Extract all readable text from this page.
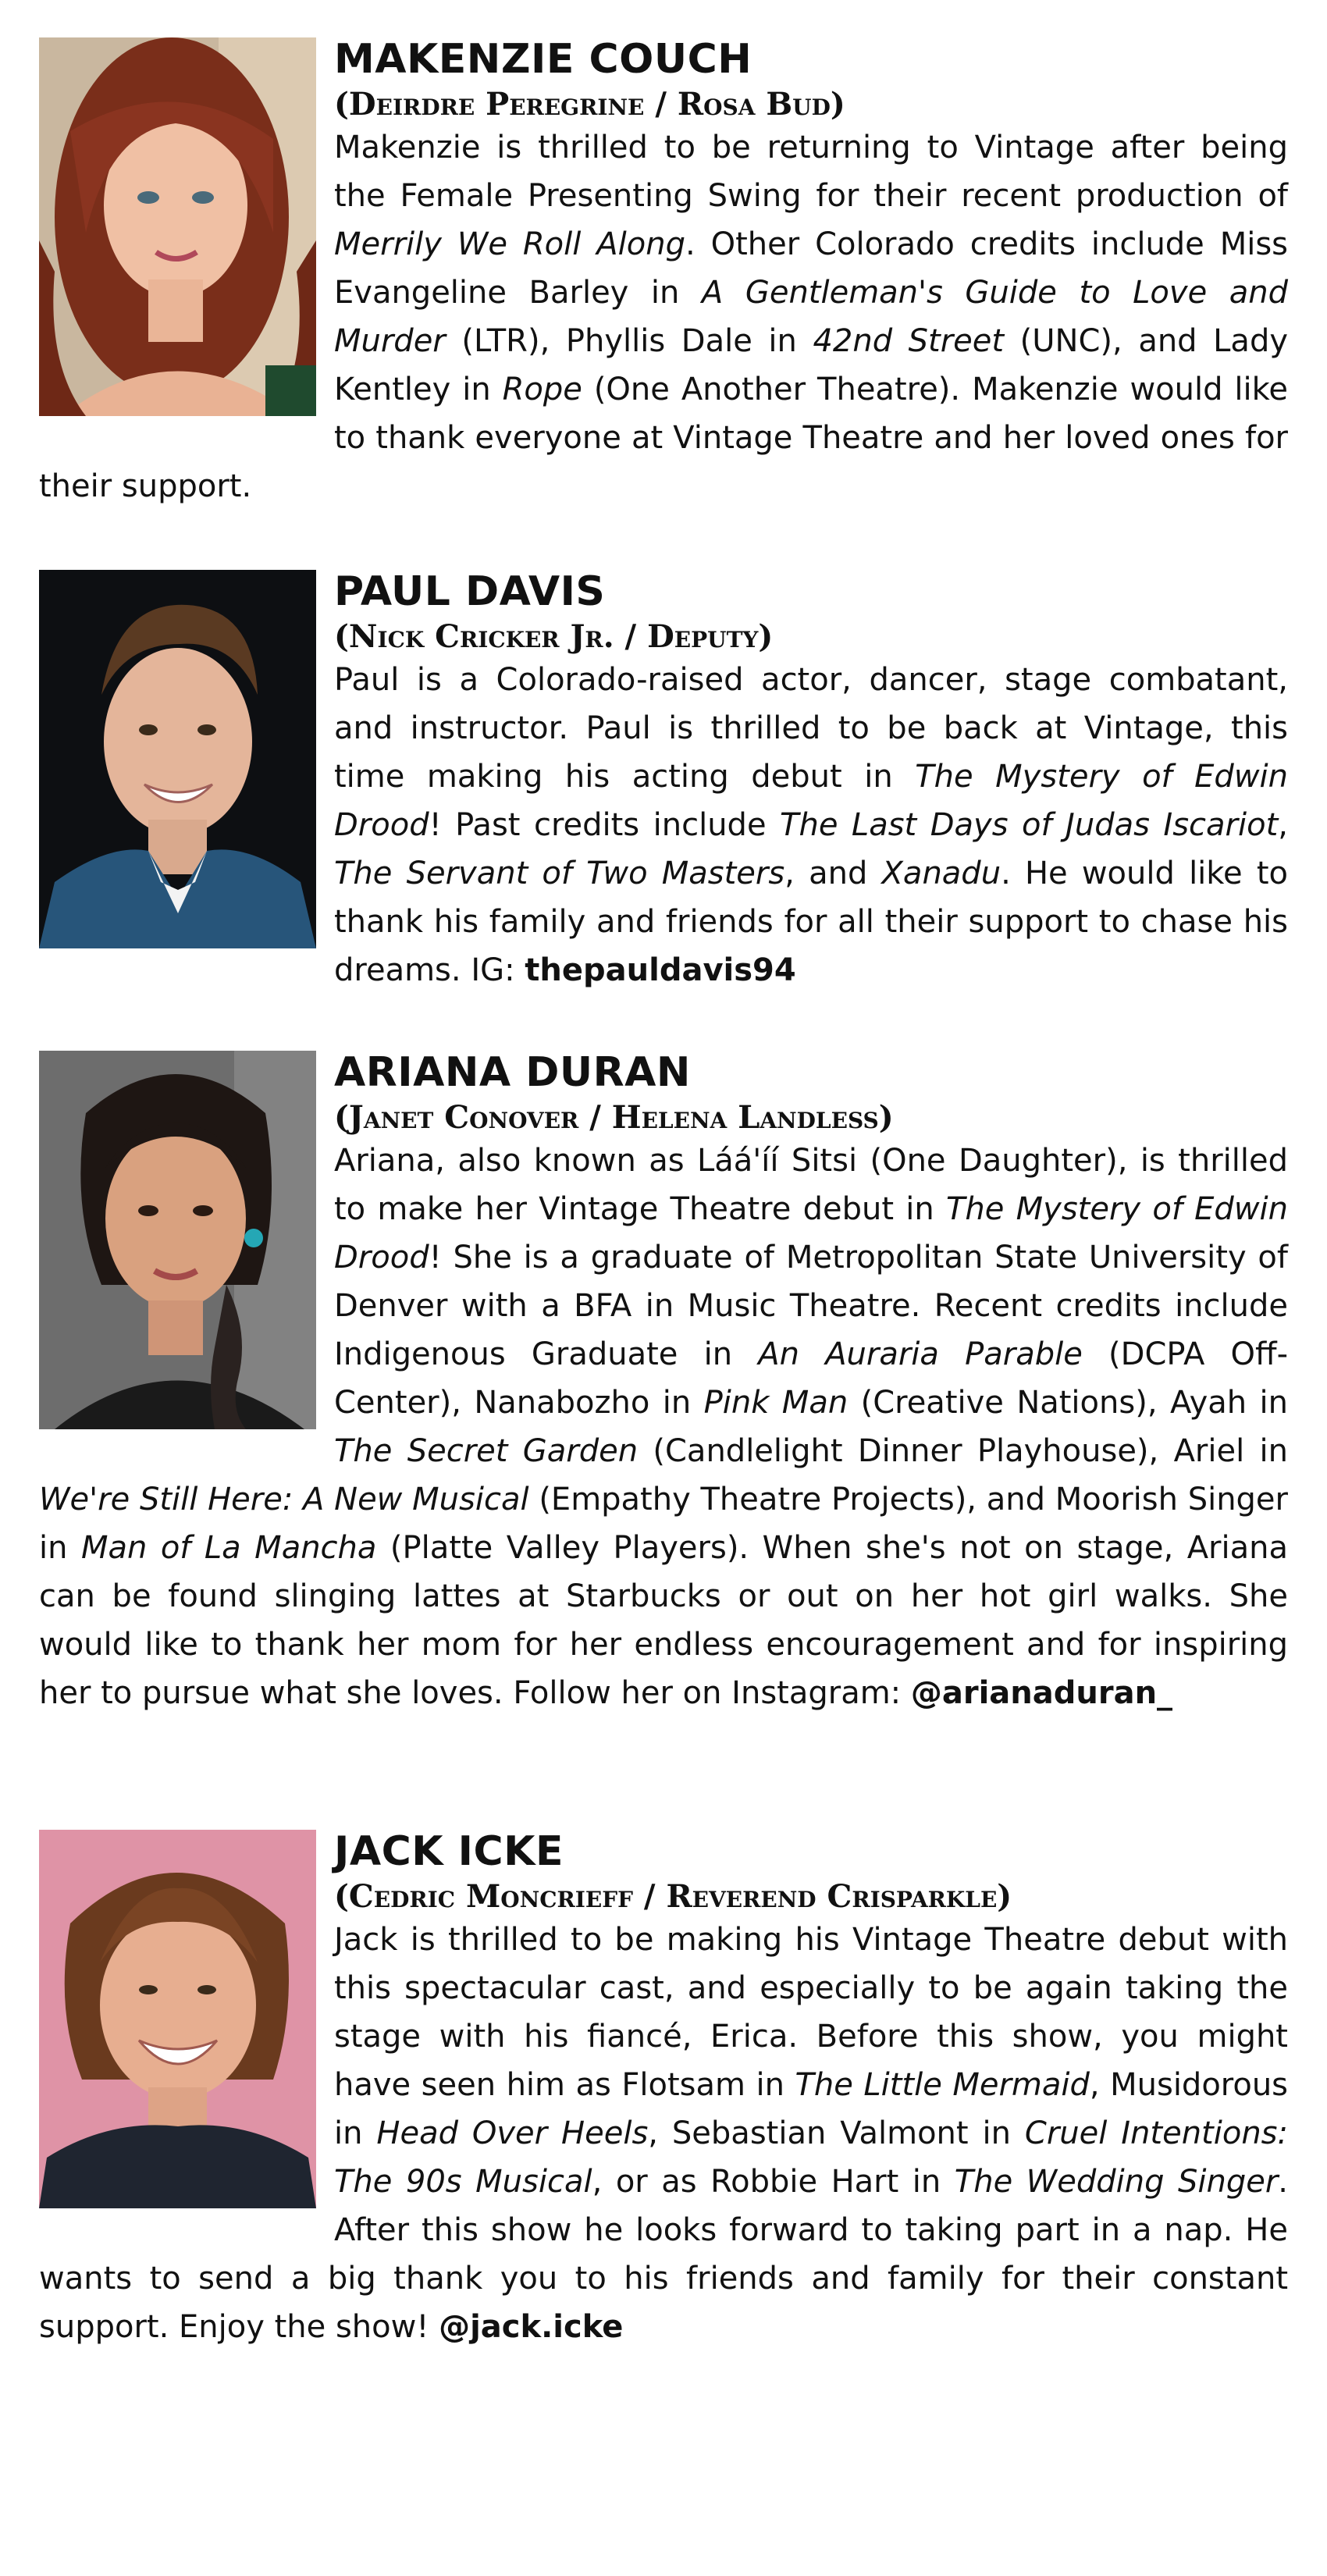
MAKENZIE COUCH
(Deirdre Peregrine / Rosa Bud)

Makenzie is thrilled to be returning to Vintage after being the Female Presenting Swing for their recent production of Merrily We Roll Along. Other Colorado credits include Miss Evangeline Barley in A Gentleman's Guide to Love and Murder (LTR), Phyllis Dale in 42nd Street (UNC), and Lady Kentley in Rope (One Another Theatre). Makenzie would like to thank everyone at Vintage Theatre and her loved ones for their support.

PAUL DAVIS
(Nick Cricker Jr. / Deputy)

Paul is a Colorado-raised actor, dancer, stage combatant, and instructor. Paul is thrilled to be back at Vintage, this time making his acting debut in The Mystery of Edwin Drood! Past credits include The Last Days of Judas Iscariot, The Servant of Two Masters, and Xanadu. He would like to thank his family and friends for all their support to chase his dreams. IG: thepauldavis94

ARIANA DURAN
(Janet Conover / Helena Landless)

Ariana, also known as Láá'íí Sitsi (One Daughter), is thrilled to make her Vintage Theatre debut in The Mystery of Edwin Drood! She is a graduate of Metropolitan State University of Denver with a BFA in Music Theatre. Recent credits include Indigenous Graduate in An Auraria Parable (DCPA Off-Center), Nanabozho in Pink Man (Creative Nations), Ayah in The Secret Garden (Candlelight Dinner Playhouse), Ariel in We're Still Here: A New Musical (Empathy Theatre Projects), and Moorish Singer in Man of La Mancha (Platte Valley Players). When she's not on stage, Ariana can be found slinging lattes at Starbucks or out on her hot girl walks. She would like to thank her mom for her endless encouragement and for inspiring her to pursue what she loves. Follow her on Instagram: @arianaduran_

JACK ICKE
(Cedric Moncrieff / Reverend Crisparkle)

Jack is thrilled to be making his Vintage Theatre debut with this spectacular cast, and especially to be again taking the stage with his fiancé, Erica. Before this show, you might have seen him as Flotsam in The Little Mermaid, Musidorous in Head Over Heels, Sebastian Valmont in Cruel Intentions: The 90s Musical, or as Robbie Hart in The Wedding Singer. After this show he looks forward to taking part in a nap. He wants to send a big thank you to his friends and family for their constant support. Enjoy the show! @jack.icke
